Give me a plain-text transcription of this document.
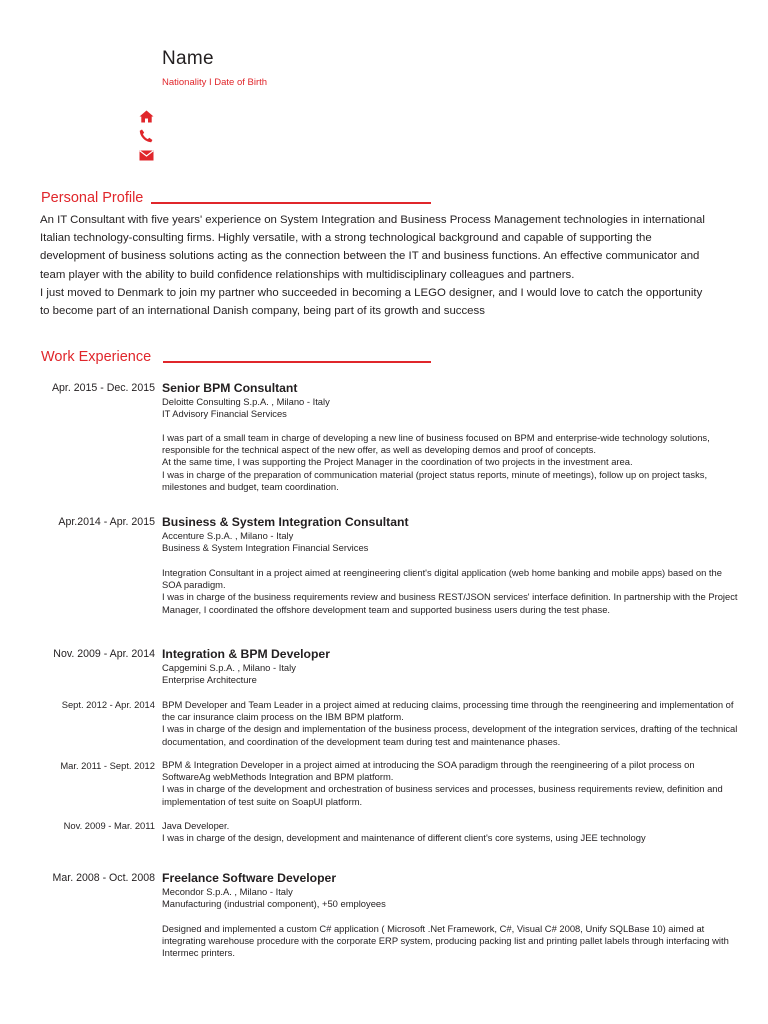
Name
Nationality I Date of Birth
Personal Profile

An IT Consultant with five years' experience on System Integration and Business Process Management technologies in international Italian technology-consulting firms. Highly versatile, with a strong technological background and capable of supporting the development of business solutions acting as the connection between the IT and business functions. An effective communicator and team player with the ability to build confidence relationships with multidisciplinary colleagues and partners.

I just moved to Denmark to join my partner who succeeded in becoming a LEGO designer, and I would love to catch the opportunity to become part of an international Danish company, being part of its growth and success

Work Experience
Apr. 2015 - Dec. 2015 Senior BPM Consultant
Deloitte Consulting S.p.A. , Milano - Italy
IT Advisory Financial Services

I was part of a small team in charge of developing a new line of business focused on BPM and enterprise-wide technology solutions, responsible for the technical aspect of the new offer, as well as developing demos and proof of concepts.

At the same time, I was supporting the Project Manager in the coordination of two projects in the investment area.

I was in charge of the preparation of communication material (project status reports, minute of meetings), follow up on project tasks, milestones and budget, team coordination.

Apr.2014 - Apr. 2015 Business & System Integration Consultant
Accenture S.p.A. , Milano - Italy
Business & System Integration Financial Services

Integration Consultant in a project aimed at reengineering client's digital application (web home banking and mobile apps) based on the SOA paradigm.

I was in charge of the business requirements review and business REST/JSON services' interface definition. In partnership with the Project Manager, I coordinated the offshore development team and supported business users during the test phase.

Nov. 2009 - Apr. 2014 Integration & BPM Developer
Capgemini S.p.A. , Milano - Italy
Enterprise Architecture
Sept. 2012 - Apr. 2014 BPM Developer and Team Leader in a project aimed at reducing claims, processing time through the reengineering and implementation of the car insurance claim process on the IBM BPM platform.

I was in charge of the design and implementation of the business process, development of the integration services, drafting of the technical documentation, and coordination of the development team during test and maintenance phases.

Mar. 2011 - Sept. 2012 BPM & Integration Developer in a project aimed at introducing the SOA paradigm through the reengineering of a pilot process on SoftwareAg webMethods Integration and BPM platform.

I was in charge of the development and orchestration of business services and processes, business requirements review, definition and implementation of test suite on SoapUI platform.

Nov. 2009 - Mar. 2011 Java Developer.

I was in charge of the design, development and maintenance of different client's core systems, using JEE technology

Mar. 2008 - Oct. 2008 Freelance Software Developer
Mecondor S.p.A. , Milano - Italy
Manufacturing (industrial component), +50 employees

Designed and implemented a custom C# application ( Microsoft .Net Framework, C#, Visual C# 2008, Unify SQLBase 10) aimed at integrating warehouse procedure with the corporate ERP system, producing packing list and printing pallet labels through interfacing with Intermec printers.
